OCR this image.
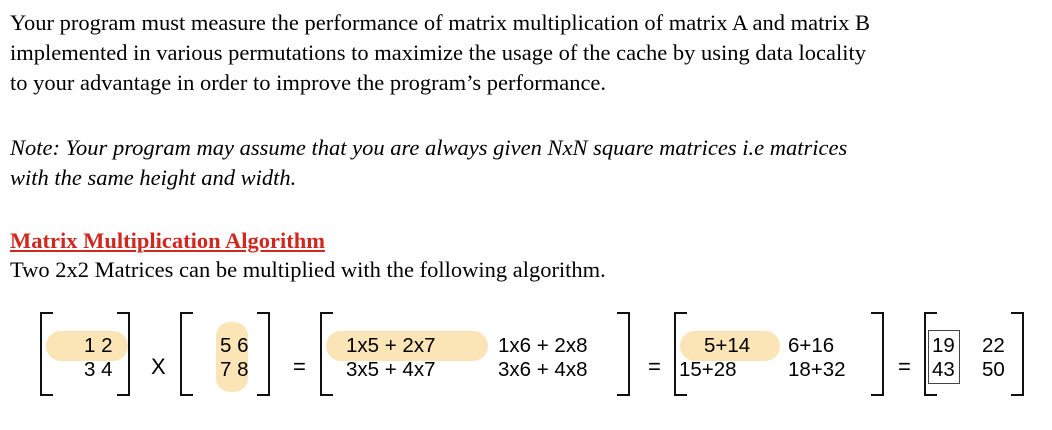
Your program must measure the performance of matrix multiplication of matrix A and matrix B
implemented in various permutations to maximize the usage of the cache by using data locality
to your advantage in order to improve the program’s performance.

Note: Your program may assume that you are always given NxN square matrices i.e matrices
with the same height and width.

Matrix Multiplication Algorithm
Two 2x2 Matrices can be multiplied with the following algorithm.
1 2
3 4 X
5 6
7 8 =
1x5 + 2x7	1x6 + 2x8
3x5 + 4x7	3x6 + 4x8	=
5+14 6+16
15+28	18+32 =
19 22
43 50
